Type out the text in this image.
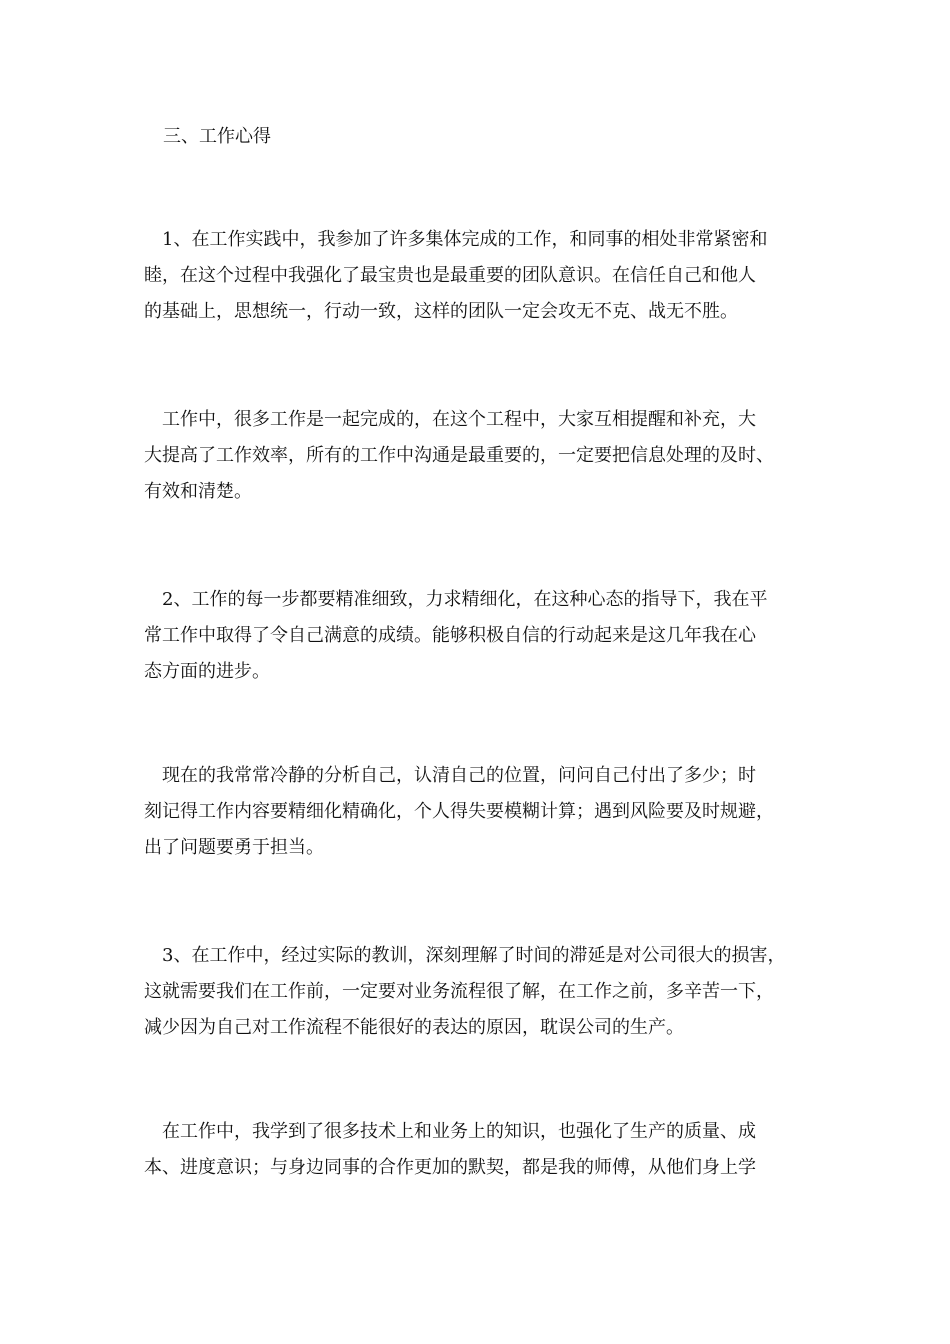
三、工作心得
　1、在工作实践中，我参加了许多集体完成的工作，和同事的相处非常紧密和
睦，在这个过程中我强化了最宝贵也是最重要的团队意识。在信任自己和他人
的基础上，思想统一，行动一致，这样的团队一定会攻无不克、战无不胜。
　工作中，很多工作是一起完成的，在这个工程中，大家互相提醒和补充，大
大提高了工作效率，所有的工作中沟通是最重要的，一定要把信息处理的及时、
有效和清楚。
　2、工作的每一步都要精准细致，力求精细化，在这种心态的指导下，我在平
常工作中取得了令自己满意的成绩。能够积极自信的行动起来是这几年我在心
态方面的进步。
　现在的我常常冷静的分析自己，认清自己的位置，问问自己付出了多少；时
刻记得工作内容要精细化精确化，个人得失要模糊计算；遇到风险要及时规避，
出了问题要勇于担当。
　3、在工作中，经过实际的教训，深刻理解了时间的滞延是对公司很大的损害，
这就需要我们在工作前，一定要对业务流程很了解，在工作之前，多辛苦一下，
减少因为自己对工作流程不能很好的表达的原因，耽误公司的生产。
　在工作中，我学到了很多技术上和业务上的知识，也强化了生产的质量、成
本、进度意识；与身边同事的合作更加的默契，都是我的师傅，从他们身上学
